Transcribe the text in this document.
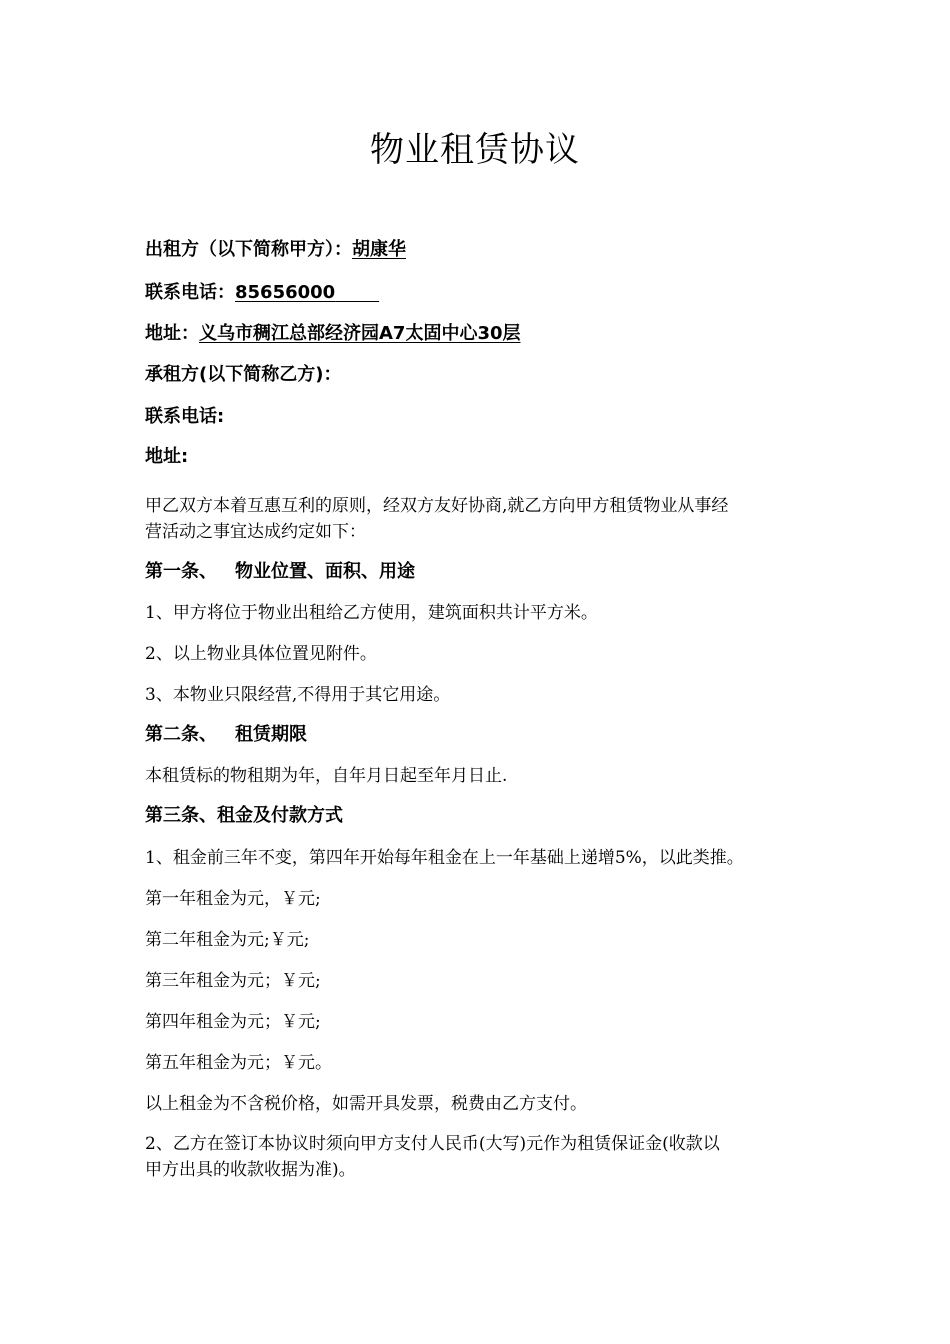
物业租赁协议
出租方（以下简称甲方）：胡康华
联系电话：85656000
地址：义乌市稠江总部经济园A7太固中心30层
承租方(以下简称乙方)：
联系电话:
地址:
甲乙双方本着互惠互利的原则，经双方友好协商,就乙方向甲方租赁物业从事经
营活动之事宜达成约定如下：
第一条、 物业位置、面积、用途
1、甲方将位于物业出租给乙方使用，建筑面积共计平方米。
2、以上物业具体位置见附件。
3、本物业只限经营,不得用于其它用途。
第二条、 租赁期限
本租赁标的物租期为年，自年月日起至年月日止.
第三条、租金及付款方式
1、租金前三年不变，第四年开始每年租金在上一年基础上递增5%，以此类推。
第一年租金为元，￥元;
第二年租金为元;￥元;
第三年租金为元；￥元;
第四年租金为元；￥元;
第五年租金为元；￥元。
以上租金为不含税价格，如需开具发票，税费由乙方支付。
2、乙方在签订本协议时须向甲方支付人民币(大写)元作为租赁保证金(收款以
甲方出具的收款收据为准)。
